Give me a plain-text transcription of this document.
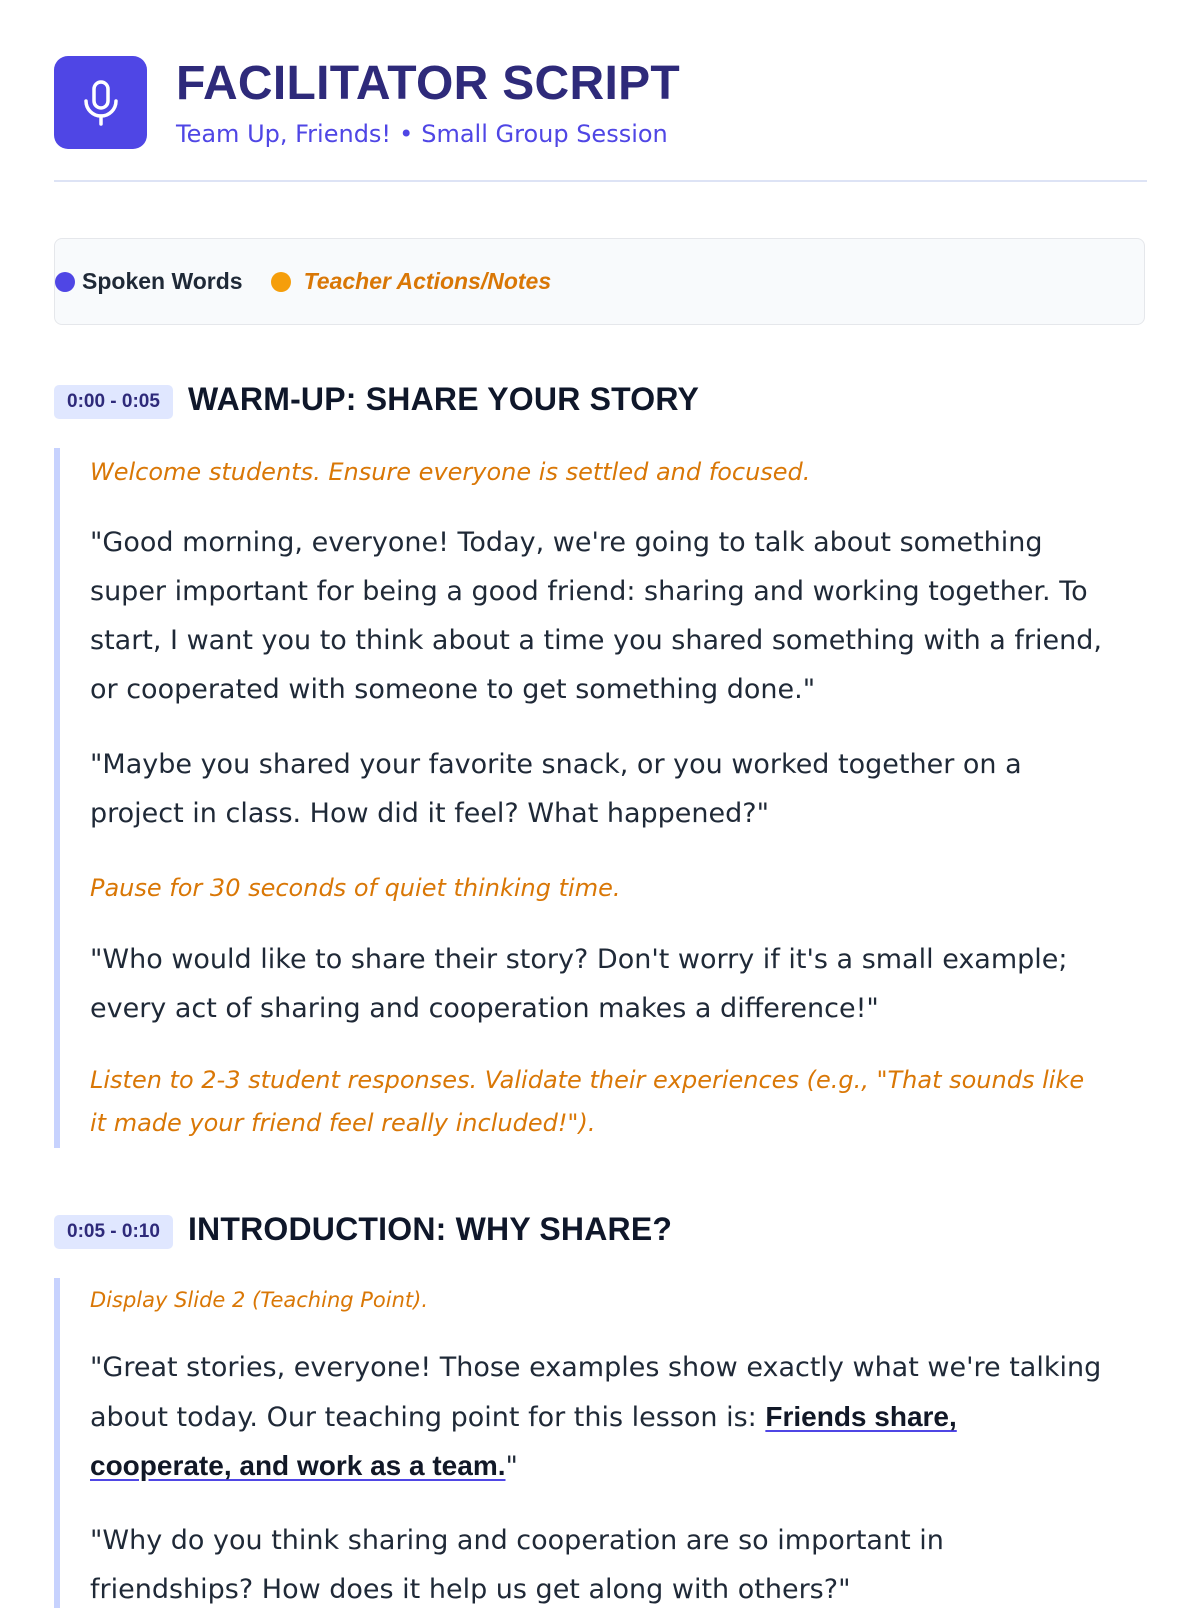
FACILITATOR SCRIPT
Team Up, Friends! • Small Group Session
Spoken Words	Teacher Actions/Notes
0:00 - 0:05 WARM-UP: SHARE YOUR STORY
Welcome students. Ensure everyone is settled and focused.
"Good morning, everyone! Today, we're going to talk about something
super important for being a good friend: sharing and working together. To
start, I want you to think about a time you shared something with a friend,
or cooperated with someone to get something done."
"Maybe you shared your favorite snack, or you worked together on a
project in class. How did it feel? What happened?"
Pause for 30 seconds of quiet thinking time.
"Who would like to share their story? Don't worry if it's a small example;
every act of sharing and cooperation makes a difference!"
Listen to 2-3 student responses. Validate their experiences (e.g., "That sounds like
it made your friend feel really included!").
0:05 - 0:10 INTRODUCTION: WHY SHARE?
Display Slide 2 (Teaching Point).
"Great stories, everyone! Those examples show exactly what we're talking
about today. Our teaching point for this lesson is: Friends share,
cooperate, and work as a team."
"Why do you think sharing and cooperation are so important in
friendships? How does it help us get along with others?"
